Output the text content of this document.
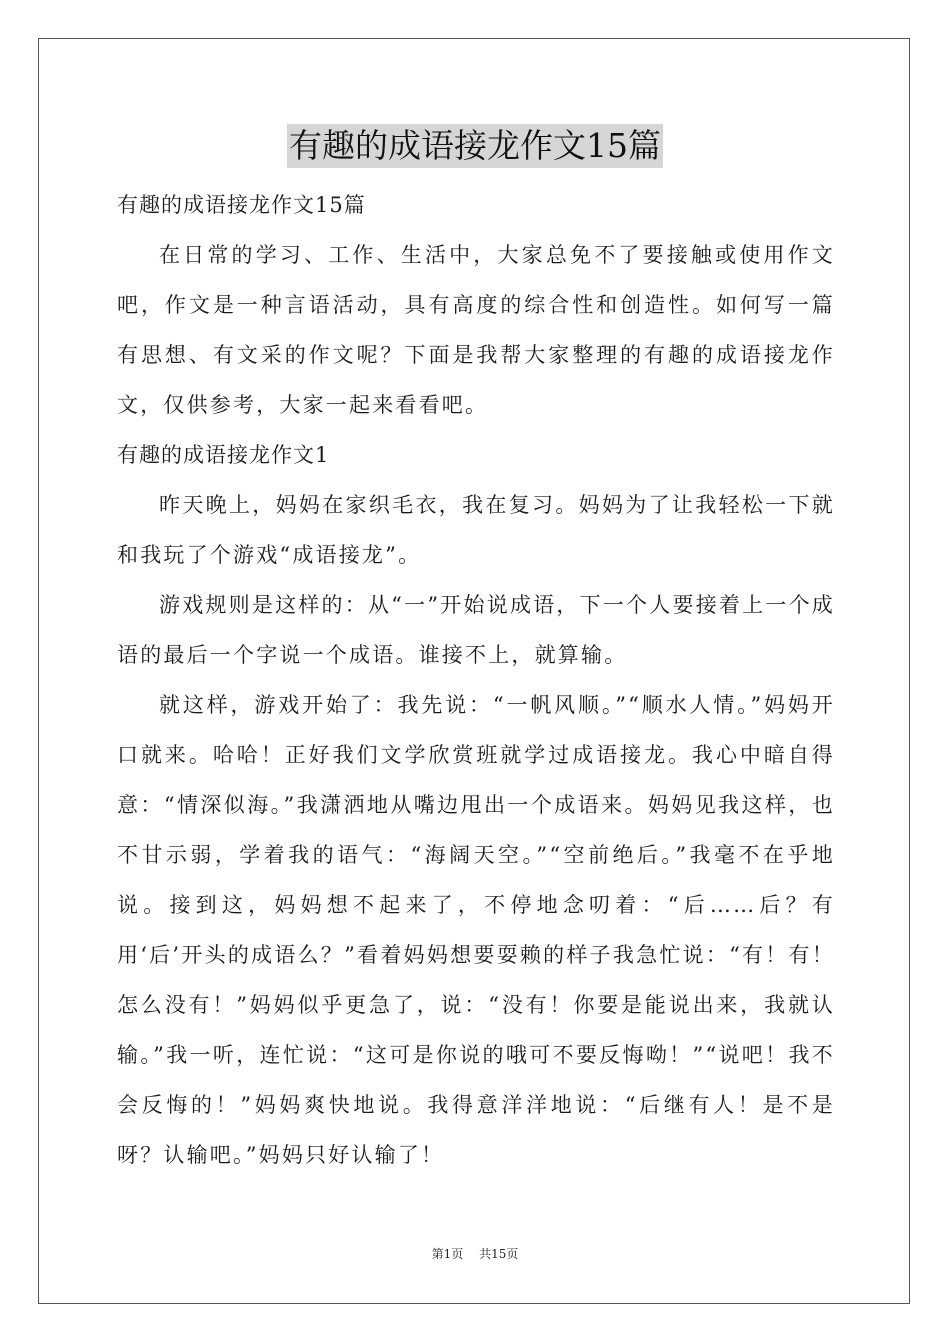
有趣的成语接龙作文15篇

有趣的成语接龙作文15篇

在日常的学习、工作、生活中，大家总免不了要接触或使用作文吧，作文是一种言语活动，具有高度的综合性和创造性。如何写一篇有思想、有文采的作文呢？下面是我帮大家整理的有趣的成语接龙作文，仅供参考，大家一起来看看吧。

有趣的成语接龙作文1

昨天晚上，妈妈在家织毛衣，我在复习。妈妈为了让我轻松一下就和我玩了个游戏“成语接龙”。

游戏规则是这样的：从“一”开始说成语，下一个人要接着上一个成语的最后一个字说一个成语。谁接不上，就算输。

就这样，游戏开始了：我先说：“一帆风顺。”“顺水人情。”妈妈开口就来。哈哈！正好我们文学欣赏班就学过成语接龙。我心中暗自得意：“情深似海。”我潇洒地从嘴边甩出一个成语来。妈妈见我这样，也不甘示弱，学着我的语气：“海阔天空。”“空前绝后。”我毫不在乎地说。接到这，妈妈想不起来了，不停地念叨着：“后……后？有用‘后’开头的成语么？”看着妈妈想要耍赖的样子我急忙说：“有！有！怎么没有！”妈妈似乎更急了，说：“没有！你要是能说出来，我就认输。”我一听，连忙说：“这可是你说的哦可不要反悔呦！”“说吧！我不会反悔的！”妈妈爽快地说。我得意洋洋地说：“后继有人！是不是呀？认输吧。”妈妈只好认输了！

第1页 共15页
